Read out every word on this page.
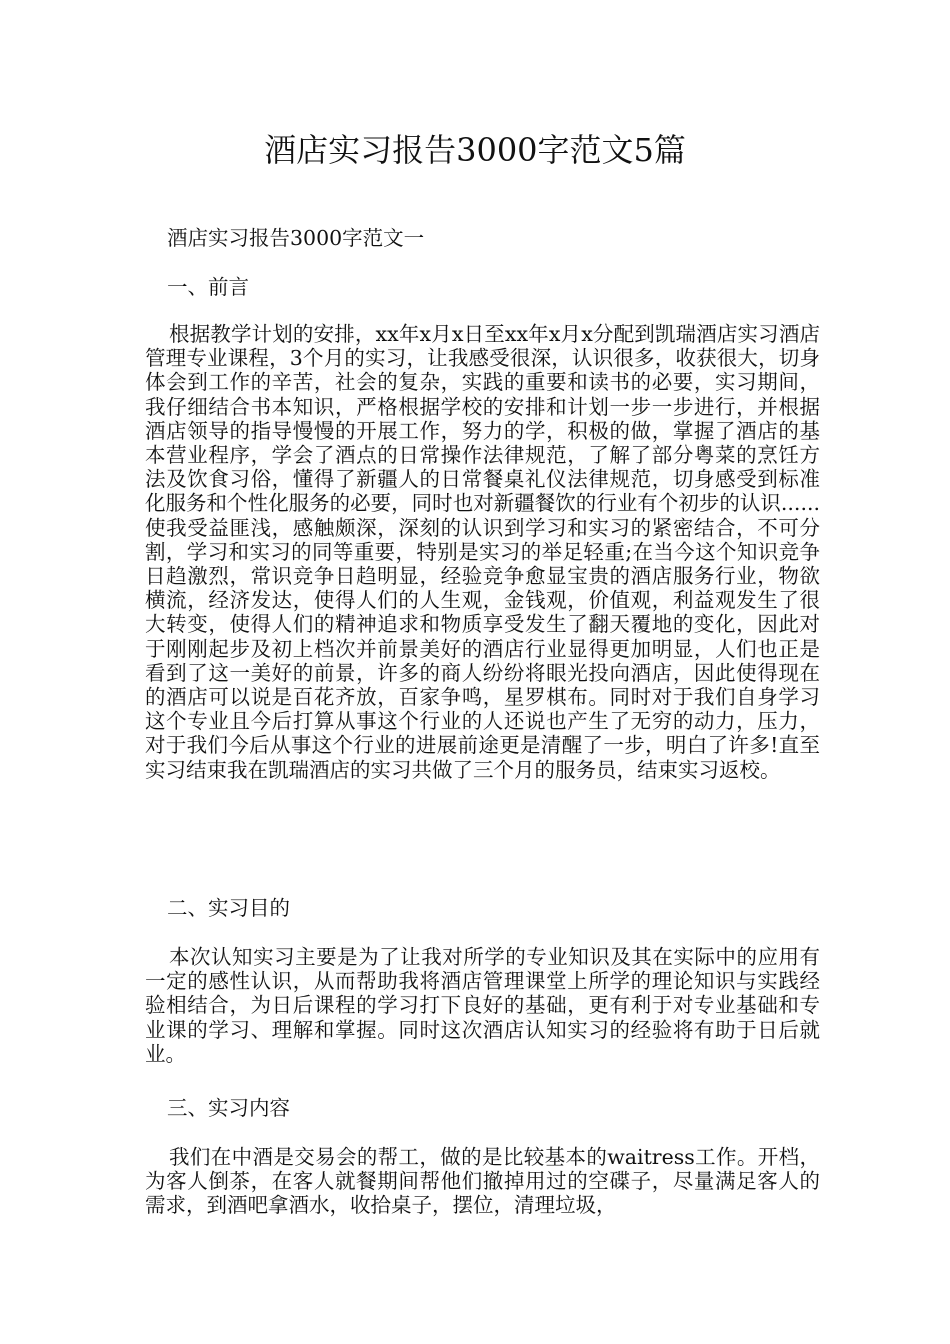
酒店实习报告3000字范文5篇

酒店实习报告3000字范文一

一、前言

根据教学计划的安排，xx年x月x日至xx年x月x分配到凯瑞酒店实习酒店管理专业课程，3个月的实习，让我感受很深，认识很多，收获很大，切身体会到工作的辛苦，社会的复杂，实践的重要和读书的必要，实习期间，我仔细结合书本知识，严格根据学校的安排和计划一步一步进行，并根据酒店领导的指导慢慢的开展工作，努力的学，积极的做，掌握了酒店的基本营业程序，学会了酒点的日常操作法律规范，了解了部分粤菜的烹饪方法及饮食习俗，懂得了新疆人的日常餐桌礼仪法律规范，切身感受到标准化服务和个性化服务的必要，同时也对新疆餐饮的行业有个初步的认识......使我受益匪浅，感触颇深，深刻的认识到学习和实习的紧密结合，不可分割，学习和实习的同等重要，特别是实习的举足轻重;在当今这个知识竞争日趋激烈，常识竞争日趋明显，经验竞争愈显宝贵的酒店服务行业，物欲横流，经济发达，使得人们的人生观，金钱观，价值观，利益观发生了很大转变，使得人们的精神追求和物质享受发生了翻天覆地的变化，因此对于刚刚起步及初上档次并前景美好的酒店行业显得更加明显，人们也正是看到了这一美好的前景，许多的商人纷纷将眼光投向酒店，因此使得现在的酒店可以说是百花齐放，百家争鸣，星罗棋布。同时对于我们自身学习这个专业且今后打算从事这个行业的人还说也产生了无穷的动力，压力，对于我们今后从事这个行业的进展前途更是清醒了一步，明白了许多!直至实习结束我在凯瑞酒店的实习共做了三个月的服务员，结束实习返校。

二、实习目的

本次认知实习主要是为了让我对所学的专业知识及其在实际中的应用有一定的感性认识，从而帮助我将酒店管理课堂上所学的理论知识与实践经验相结合，为日后课程的学习打下良好的基础，更有利于对专业基础和专业课的学习、理解和掌握。同时这次酒店认知实习的经验将有助于日后就业。

三、实习内容

我们在中酒是交易会的帮工，做的是比较基本的waitress工作。开档，为客人倒茶，在客人就餐期间帮他们撤掉用过的空碟子，尽量满足客人的需求，到酒吧拿酒水，收拾桌子，摆位，清理垃圾，
